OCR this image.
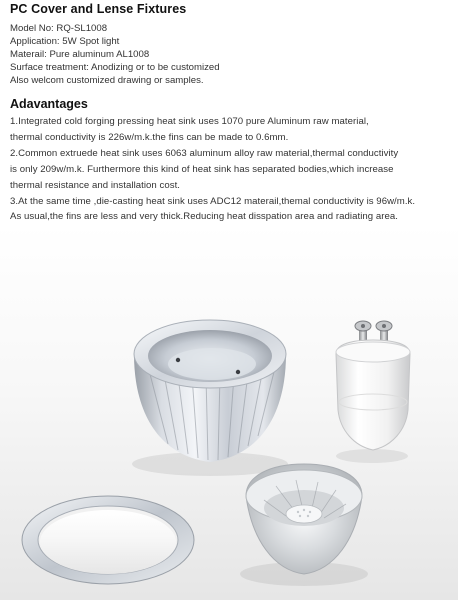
PC Cover and Lense Fixtures
Model No: RQ-SL1008
Application: 5W Spot light
Materail: Pure aluminum AL1008
Surface treatment: Anodizing or to be customized
Also welcom customized drawing or samples.
Adavantages
1.Integrated cold forging pressing heat sink uses 1070 pure Aluminum raw material,
thermal conductivity is 226w/m.k.the fins can be made to 0.6mm.
2.Common extruede heat sink uses 6063 aluminum alloy raw material,thermal conductivity
is only 209w/m.k. Furthermore this kind of heat sink has separated bodies,which increase
thermal resistance and installation cost.
3.At the same time ,die-casting heat sink uses ADC12 materail,themal conductivity is 96w/m.k.
As usual,the fins are less and very thick.Reducing heat disspation area and radiating area.
